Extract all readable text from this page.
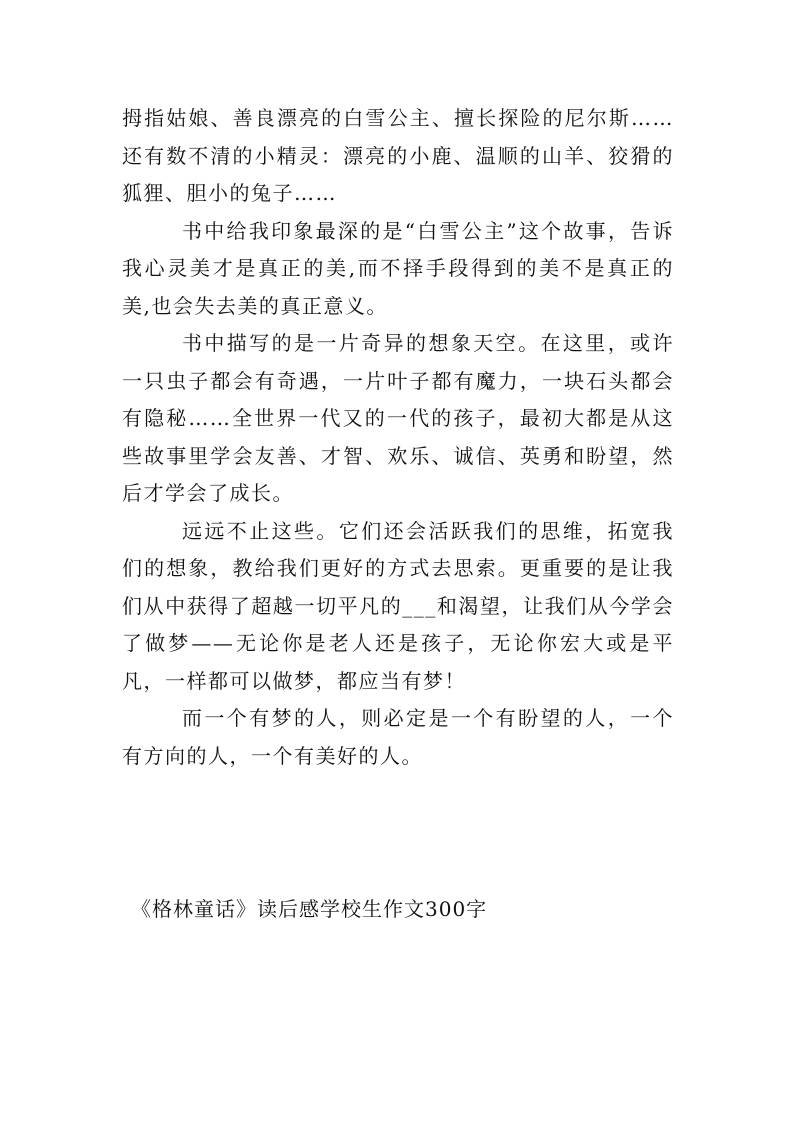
拇指姑娘、善良漂亮的白雪公主、擅长探险的尼尔斯……还有数不清的小精灵：漂亮的小鹿、温顺的山羊、狡猾的狐狸、胆小的兔子……

书中给我印象最深的是“白雪公主”这个故事，告诉我心灵美才是真正的美,而不择手段得到的美不是真正的美,也会失去美的真正意义。

书中描写的是一片奇异的想象天空。在这里，或许一只虫子都会有奇遇，一片叶子都有魔力，一块石头都会有隐秘……全世界一代又的一代的孩子，最初大都是从这些故事里学会友善、才智、欢乐、诚信、英勇和盼望，然后才学会了成长。

远远不止这些。它们还会活跃我们的思维，拓宽我们的想象，教给我们更好的方式去思索。更重要的是让我们从中获得了超越一切平凡的___和渴望，让我们从今学会了做梦——无论你是老人还是孩子，无论你宏大或是平凡，一样都可以做梦，都应当有梦！

而一个有梦的人，则必定是一个有盼望的人，一个有方向的人，一个有美好的人。

《格林童话》读后感学校生作文300字
